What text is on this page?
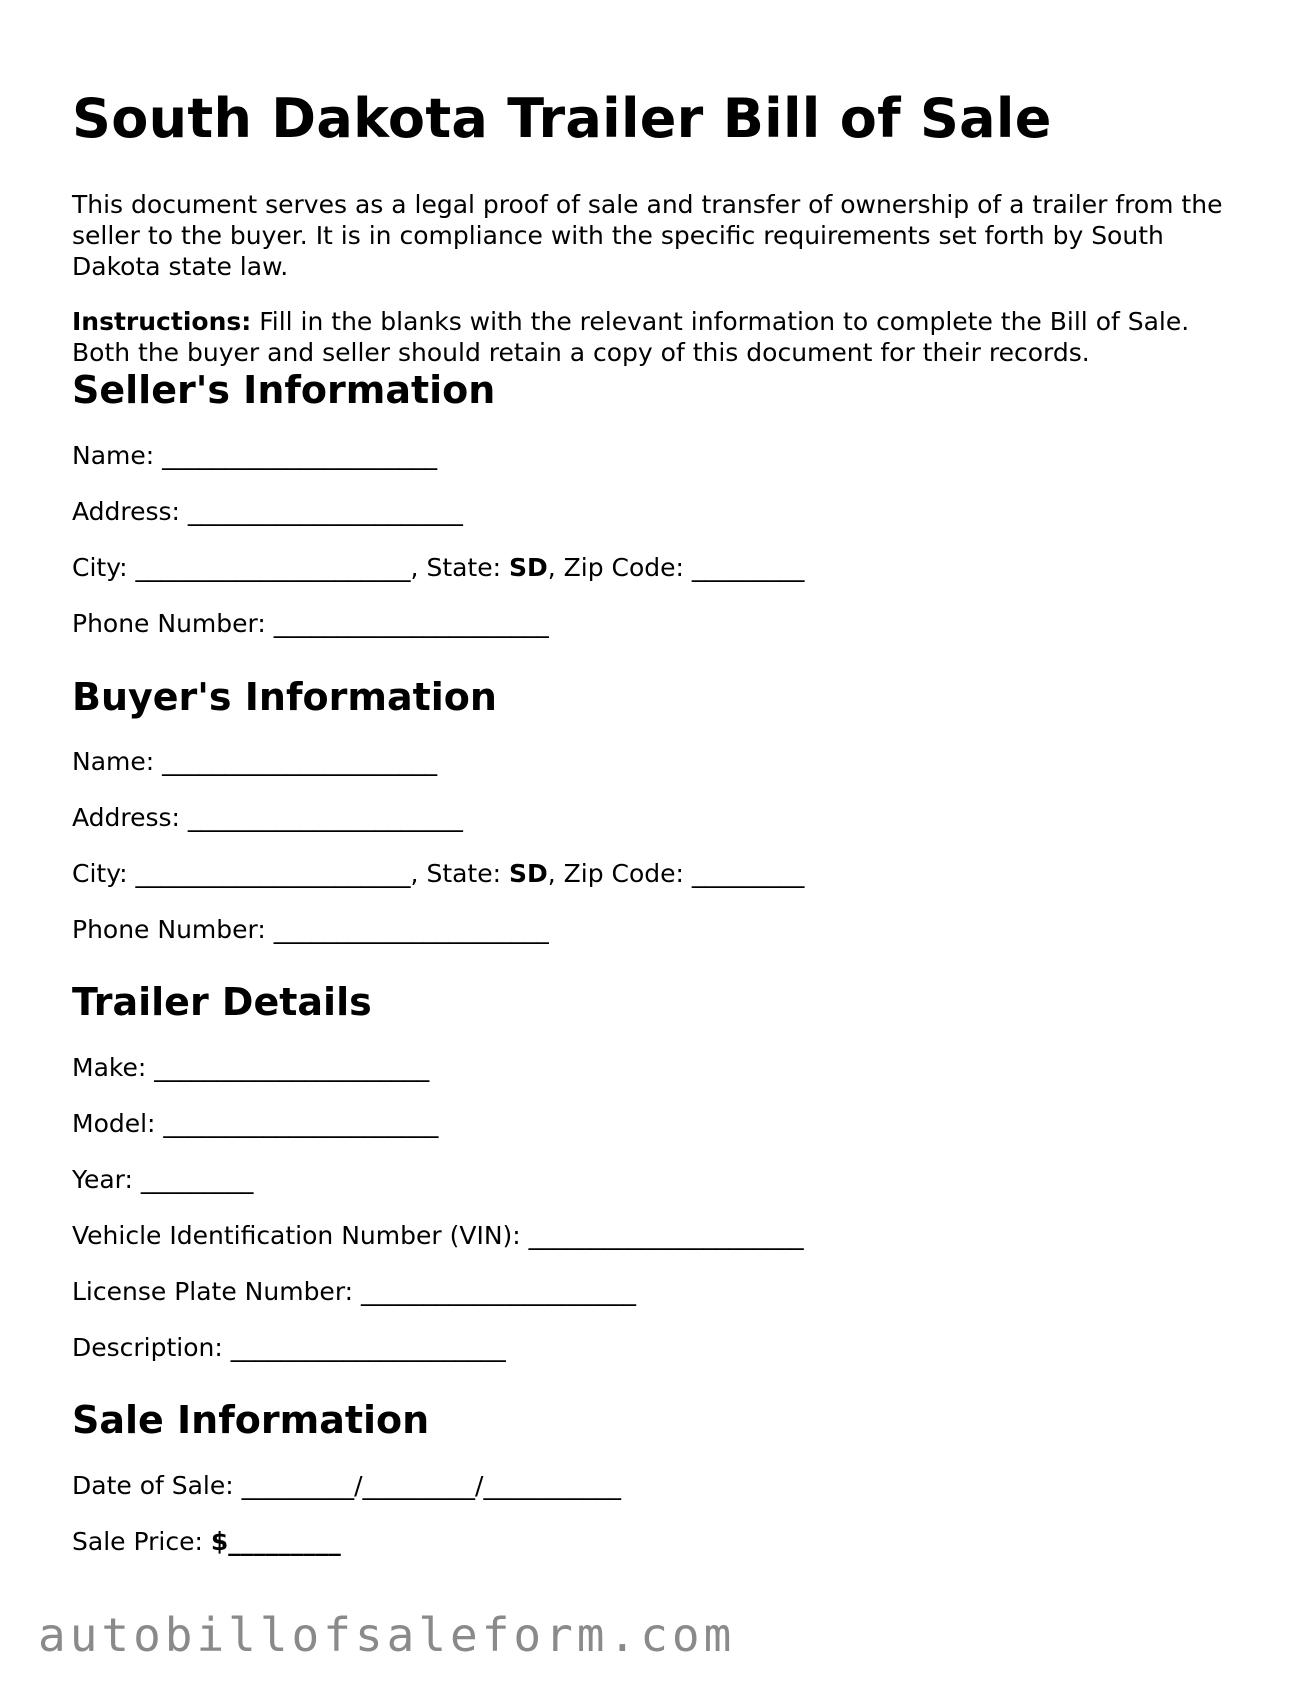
South Dakota Trailer Bill of Sale

This document serves as a legal proof of sale and transfer of ownership of a trailer from the seller to the buyer. It is in compliance with the specific requirements set forth by South Dakota state law.

Instructions: Fill in the blanks with the relevant information to complete the Bill of Sale. Both the buyer and seller should retain a copy of this document for their records.

Seller's Information

Name: ______________________

Address: ______________________

City: ______________________, State: SD, Zip Code: _________

Phone Number: ______________________

Buyer's Information

Name: ______________________

Address: ______________________

City: ______________________, State: SD, Zip Code: _________

Phone Number: ______________________

Trailer Details

Make: ______________________

Model: ______________________

Year: _________

Vehicle Identification Number (VIN): ______________________

License Plate Number: ______________________

Description: ______________________

Sale Information

Date of Sale: _________/_________/___________

Sale Price: $_________

autobillofsaleform.com
